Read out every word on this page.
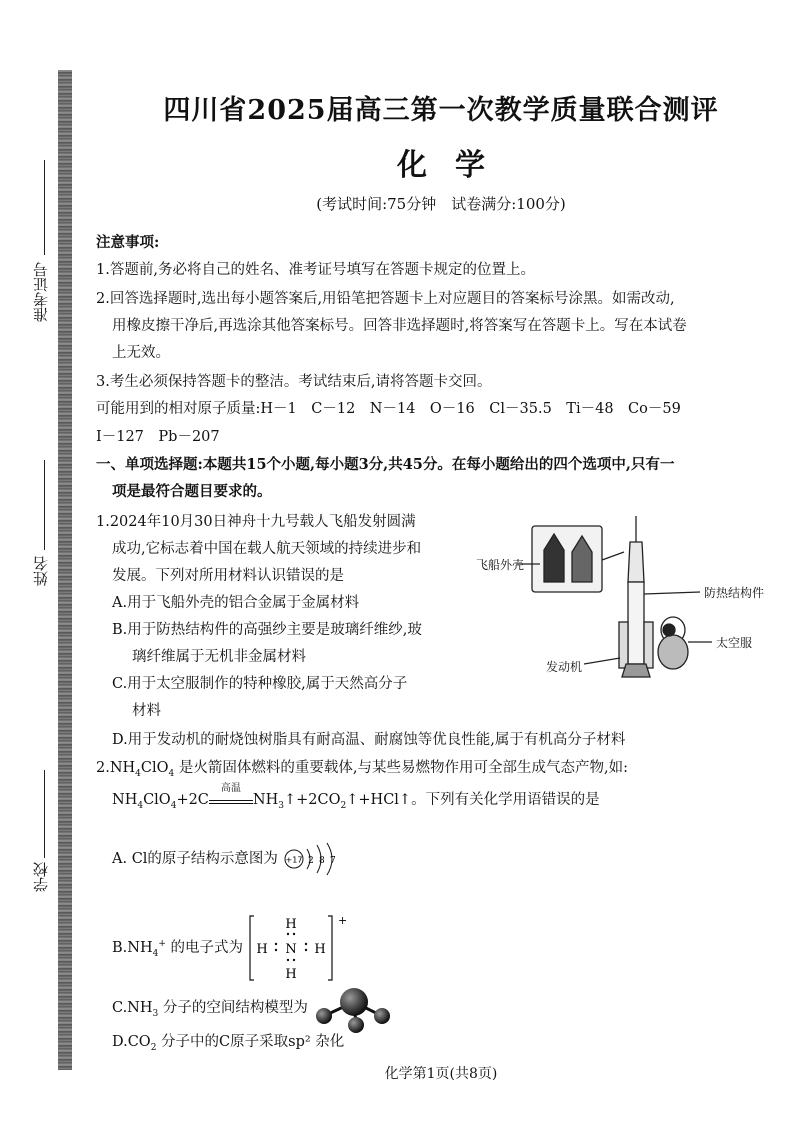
准考证号
姓名
学校
四川省2025届高三第一次教学质量联合测评
化学
(考试时间:75分钟　试卷满分:100分)
注意事项:
1.答题前,务必将自己的姓名、准考证号填写在答题卡规定的位置上。
2.回答选择题时,选出每小题答案后,用铅笔把答题卡上对应题目的答案标号涂黑。如需改动,
用橡皮擦干净后,再选涂其他答案标号。回答非选择题时,将答案写在答题卡上。写在本试卷
上无效。
3.考生必须保持答题卡的整洁。考试结束后,请将答题卡交回。
可能用到的相对原子质量:H－1　C－12　N－14　O－16　Cl－35.5　Ti－48　Co－59
I－127　Pb－207
一、单项选择题:本题共15个小题,每小题3分,共45分。在每小题给出的四个选项中,只有一
项是最符合题目要求的。
1.2024年10月30日神舟十九号载人飞船发射圆满
成功,它标志着中国在载人航天领域的持续进步和
发展。下列对所用材料认识错误的是
A.用于飞船外壳的铝合金属于金属材料
B.用于防热结构件的高强纱主要是玻璃纤维纱,玻
璃纤维属于无机非金属材料
C.用于太空服制作的特种橡胶,属于天然高分子
材料
D.用于发动机的耐烧蚀树脂具有耐高温、耐腐蚀等优良性能,属于有机高分子材料
飞船外壳
防热结构件
太空服
发动机
$2.NH_4ClO_4$ 是火箭固体燃料的重要载体,与某些易燃物作用可全部生成气态产物,如:
$NH_4ClO_4+2C$
高温
$NH_3↑+2CO_2↑+HCl↑$。下列有关化学用语错误的是
A. Cl的原子结构示意图为 +17 2 8 7
$B.NH_4^+$ 的电子式为
+
H
H N H
H
$C.NH_3$ 分子的空间结构模型为
$D.CO_2$ 分子中的C原子采取sp² 杂化
化学第1页(共8页)
